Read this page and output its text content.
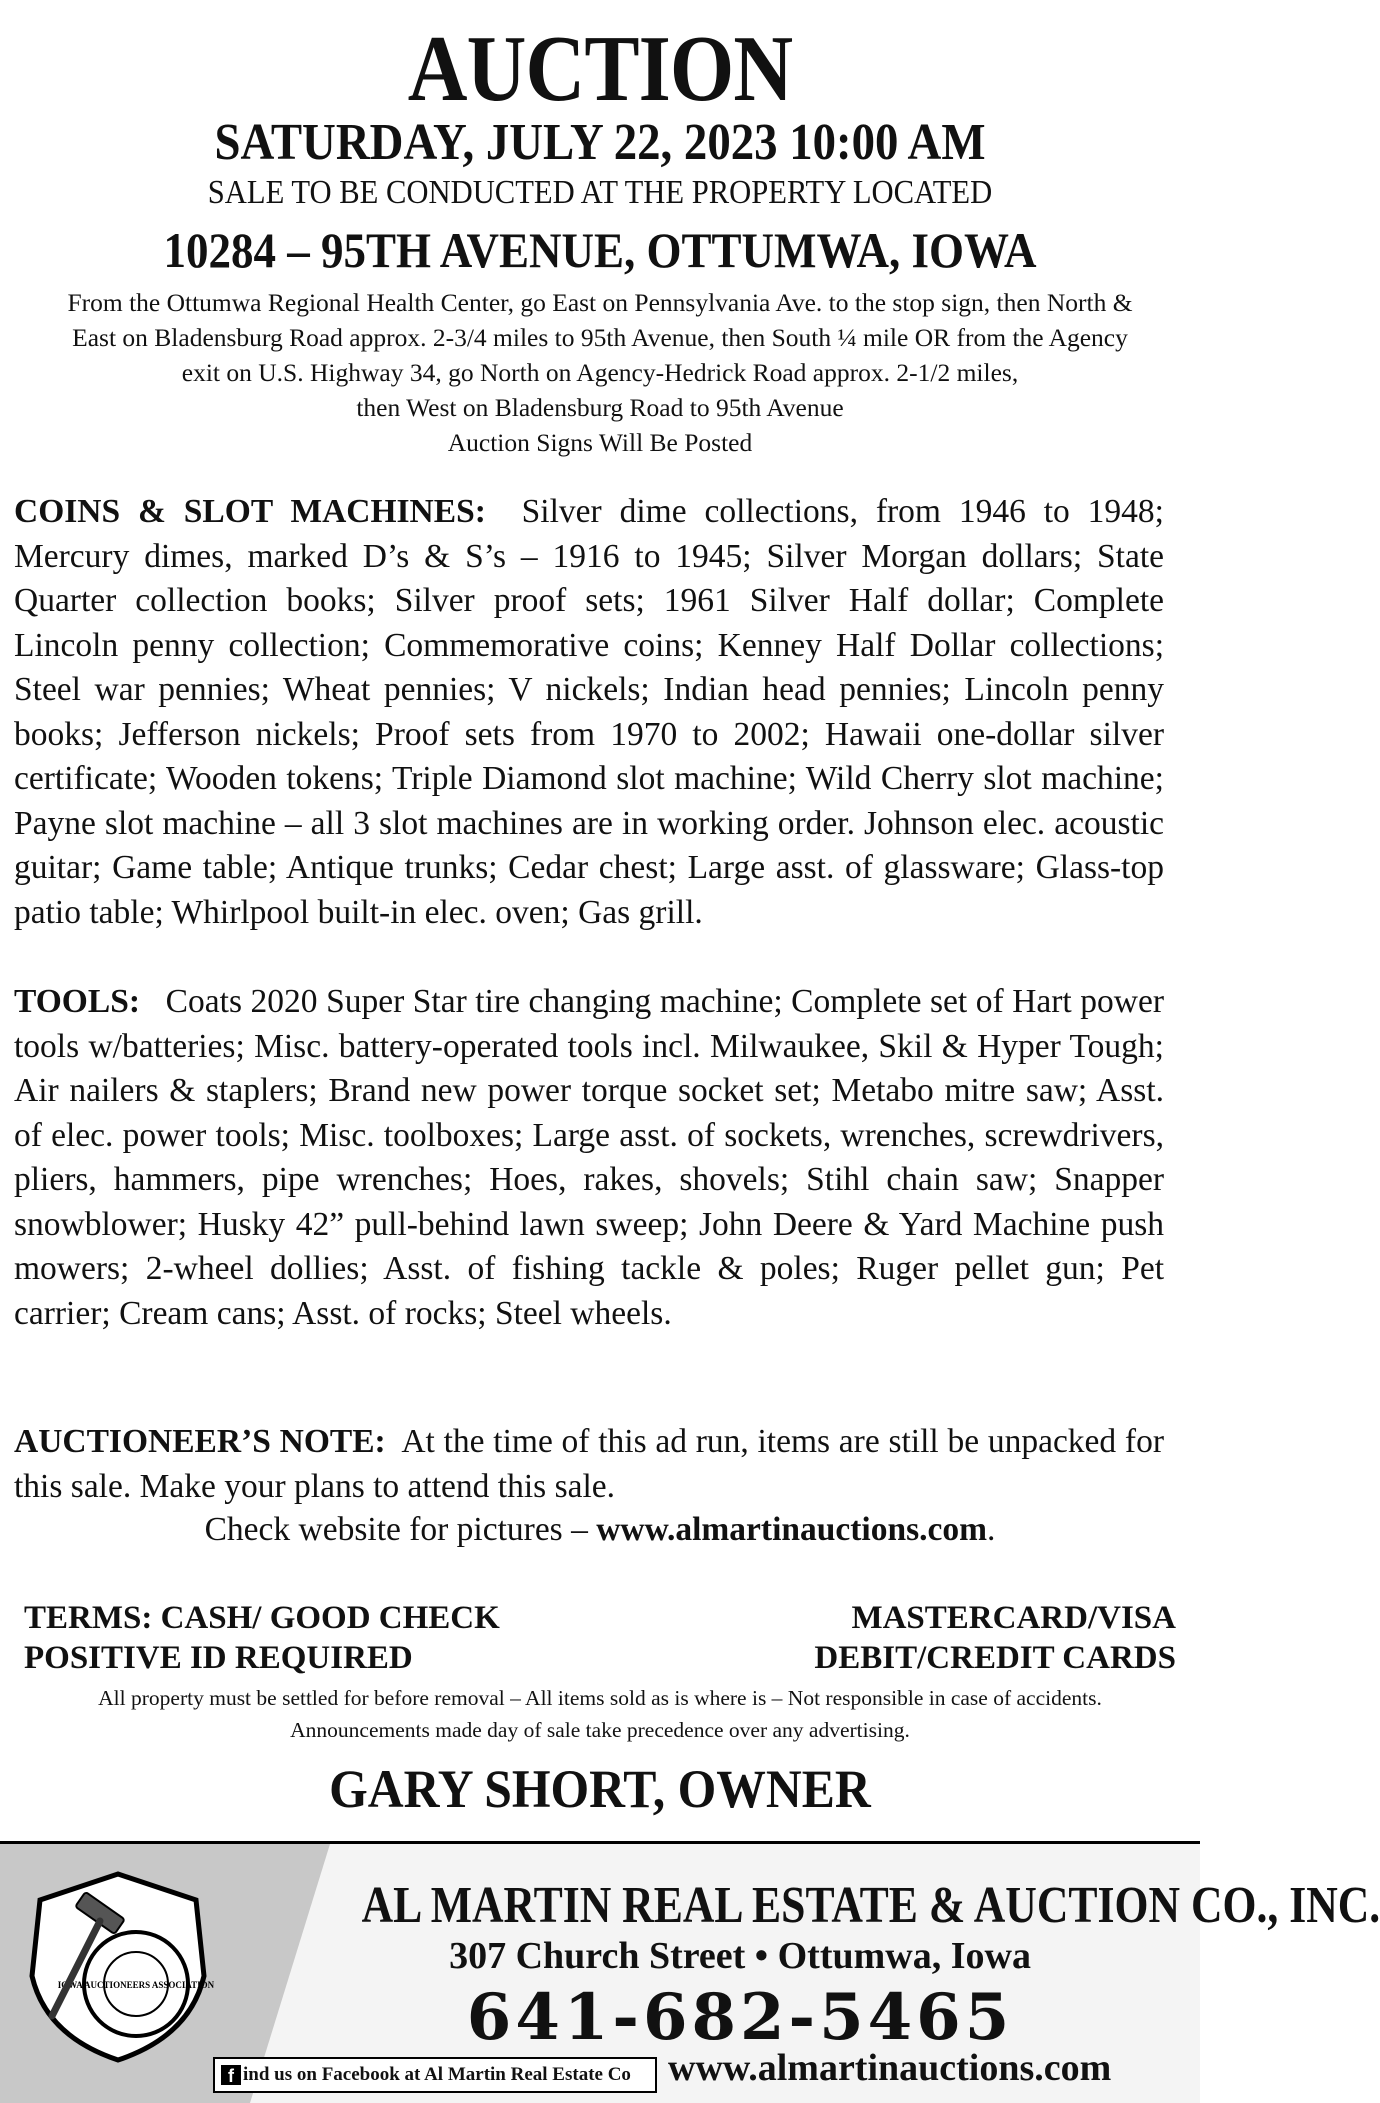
AUCTION
SATURDAY, JULY 22, 2023 10:00 AM
SALE TO BE CONDUCTED AT THE PROPERTY LOCATED
10284 – 95TH AVENUE, OTTUMWA, IOWA
From the Ottumwa Regional Health Center, go East on Pennsylvania Ave. to the stop sign, then North &
East on Bladensburg Road approx. 2-3/4 miles to 95th Avenue, then South ¼ mile OR from the Agency
exit on U.S. Highway 34, go North on Agency-Hedrick Road approx. 2-1/2 miles,
then West on Bladensburg Road to 95th Avenue
Auction Signs Will Be Posted
COINS & SLOT MACHINES: Silver dime collections, from 1946 to 1948; Mercury dimes, marked D’s & S’s – 1916 to 1945; Silver Morgan dollars; State Quarter collection books; Silver proof sets; 1961 Silver Half dollar; Complete Lincoln penny collection; Commemorative coins; Kenney Half Dollar collections; Steel war pennies; Wheat pennies; V nickels; Indian head pennies; Lincoln penny books; Jefferson nickels; Proof sets from 1970 to 2002; Hawaii one-dollar silver certificate; Wooden tokens; Triple Diamond slot machine; Wild Cherry slot machine; Payne slot machine – all 3 slot machines are in working order. Johnson elec. acoustic guitar; Game table; Antique trunks; Cedar chest; Large asst. of glassware; Glass-top patio table; Whirlpool built-in elec. oven; Gas grill.
TOOLS: Coats 2020 Super Star tire changing machine; Complete set of Hart power tools w/batteries; Misc. battery-operated tools incl. Milwaukee, Skil & Hyper Tough; Air nailers & staplers; Brand new power torque socket set; Metabo mitre saw; Asst. of elec. power tools; Misc. toolboxes; Large asst. of sockets, wrenches, screwdrivers, pliers, hammers, pipe wrenches; Hoes, rakes, shovels; Stihl chain saw; Snapper snowblower; Husky 42” pull-behind lawn sweep; John Deere & Yard Machine push mowers; 2-wheel dollies; Asst. of fishing tackle & poles; Ruger pellet gun; Pet carrier; Cream cans; Asst. of rocks; Steel wheels.
AUCTIONEER’S NOTE: At the time of this ad run, items are still be unpacked for this sale. Make your plans to attend this sale.
Check website for pictures – www.almartinauctions.com.
TERMS: CASH/ GOOD CHECK
POSITIVE ID REQUIRED
MASTERCARD/VISA
DEBIT/CREDIT CARDS
All property must be settled for before removal – All items sold as is where is – Not responsible in case of accidents. Announcements made day of sale take precedence over any advertising.
GARY SHORT, OWNER
IOWA AUCTIONEERS ASSOCIATION
AL MARTIN REAL ESTATE & AUCTION CO., INC.
307 Church Street • Ottumwa, Iowa
641-682-5465
f ind us on Facebook at Al Martin Real Estate Co www.almartinauctions.com
